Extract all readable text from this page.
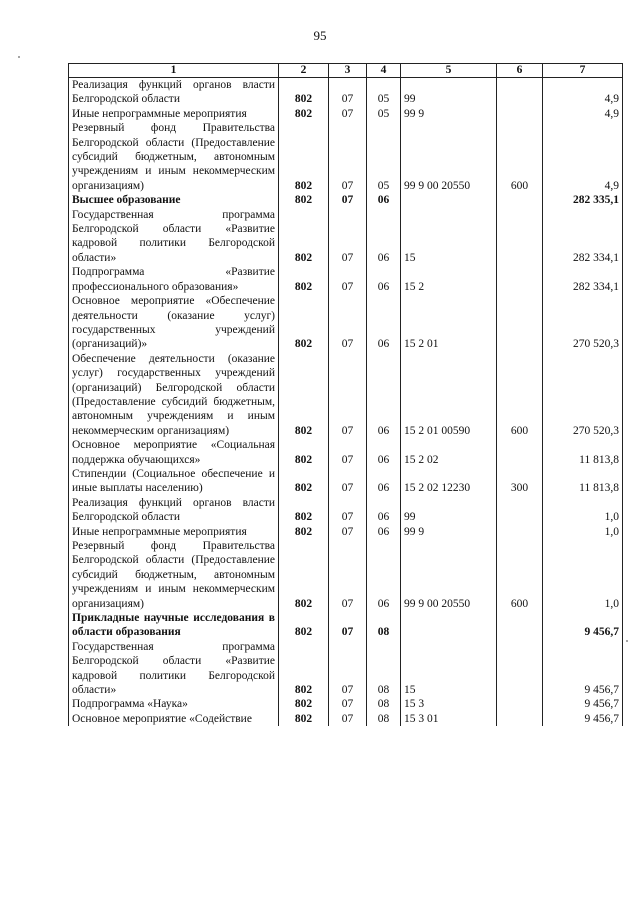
95
1	2	3	4	5	6	7
Реализация функций органов власти Белгородской области	802	07	05	99		4,9
Иные непрограммные мероприятия	802	07	05	99 9		4,9
Резервный фонд Правительства Белгородской области (Предоставление субсидий бюджетным, автономным учреждениям и иным некоммерческим организациям)	802	07	05	99 9 00 20550	600	4,9
Высшее образование	802	07	06			282 335,1
Государственная программа Белгородской области «Развитие кадровой политики Белгородской области»	802	07	06	15		282 334,1
Подпрограмма «Развитие профессионального образования»	802	07	06	15 2		282 334,1
Основное мероприятие «Обеспечение деятельности (оказание услуг) государственных учреждений (организаций)»	802	07	06	15 2 01		270 520,3
Обеспечение деятельности (оказание услуг) государственных учреждений (организаций) Белгородской области (Предоставление субсидий бюджетным, автономным учреждениям и иным некоммерческим организациям)	802	07	06	15 2 01 00590	600	270 520,3
Основное мероприятие «Социальная поддержка обучающихся»	802	07	06	15 2 02		11 813,8
Стипендии (Социальное обеспечение и иные выплаты населению)	802	07	06	15 2 02 12230	300	11 813,8
Реализация функций органов власти Белгородской области	802	07	06	99		1,0
Иные непрограммные мероприятия	802	07	06	99 9		1,0
Резервный фонд Правительства Белгородской области (Предоставление субсидий бюджетным, автономным учреждениям и иным некоммерческим организациям)	802	07	06	99 9 00 20550	600	1,0
Прикладные научные исследования в области образования	802	07	08			9 456,7
Государственная программа Белгородской области «Развитие кадровой политики Белгородской области»	802	07	08	15		9 456,7
Подпрограмма «Наука»	802	07	08	15 3		9 456,7
Основное мероприятие «Содействие	802	07	08	15 3 01		9 456,7
